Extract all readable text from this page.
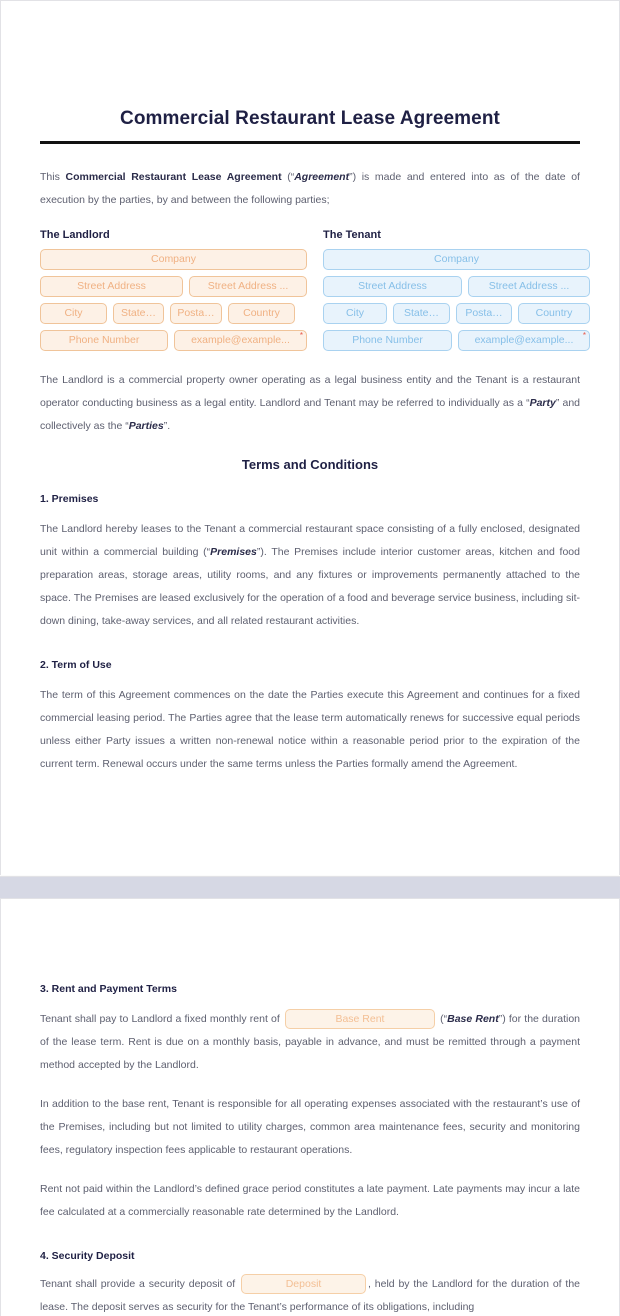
Commercial Restaurant Lease Agreement

This Commercial Restaurant Lease Agreement (“Agreement”) is made and entered into as of the date of execution by the parties, by and between the following parties;

The Landlord
Company
Street Address	Street Address ...
City	State…	Posta…	Country
Phone Number	example@example... *
The Tenant
Company
Street Address	Street Address ...
City	State…	Posta…	Country
Phone Number	example@example... *

The Landlord is a commercial property owner operating as a legal business entity and the Tenant is a restaurant operator conducting business as a legal entity. Landlord and Tenant may be referred to individually as a “Party” and collectively as the “Parties”.

Terms and Conditions
1. Premises

The Landlord hereby leases to the Tenant a commercial restaurant space consisting of a fully enclosed, designated unit within a commercial building (“Premises”). The Premises include interior customer areas, kitchen and food preparation areas, storage areas, utility rooms, and any fixtures or improvements permanently attached to the space. The Premises are leased exclusively for the operation of a food and beverage service business, including sit-down dining, take-away services, and all related restaurant activities.

2. Term of Use

The term of this Agreement commences on the date the Parties execute this Agreement and continues for a fixed commercial leasing period. The Parties agree that the lease term automatically renews for successive equal periods unless either Party issues a written non-renewal notice within a reasonable period prior to the expiration of the current term. Renewal occurs under the same terms unless the Parties formally amend the Agreement.

3. Rent and Payment Terms

Tenant shall pay to Landlord a fixed monthly rent of	Base Rent	(“Base Rent”) for the duration of the lease term. Rent is due on a monthly basis, payable in advance, and must be remitted through a payment method accepted by the Landlord.

In addition to the base rent, Tenant is responsible for all operating expenses associated with the restaurant’s use of the Premises, including but not limited to utility charges, common area maintenance fees, security and monitoring fees, regulatory inspection fees applicable to restaurant operations.

Rent not paid within the Landlord’s defined grace period constitutes a late payment. Late payments may incur a late fee calculated at a commercially reasonable rate determined by the Landlord.

4. Security Deposit

Tenant shall provide a security deposit of	Deposit	, held by the Landlord for the duration of the lease. The deposit serves as security for the Tenant’s performance of its obligations, including
